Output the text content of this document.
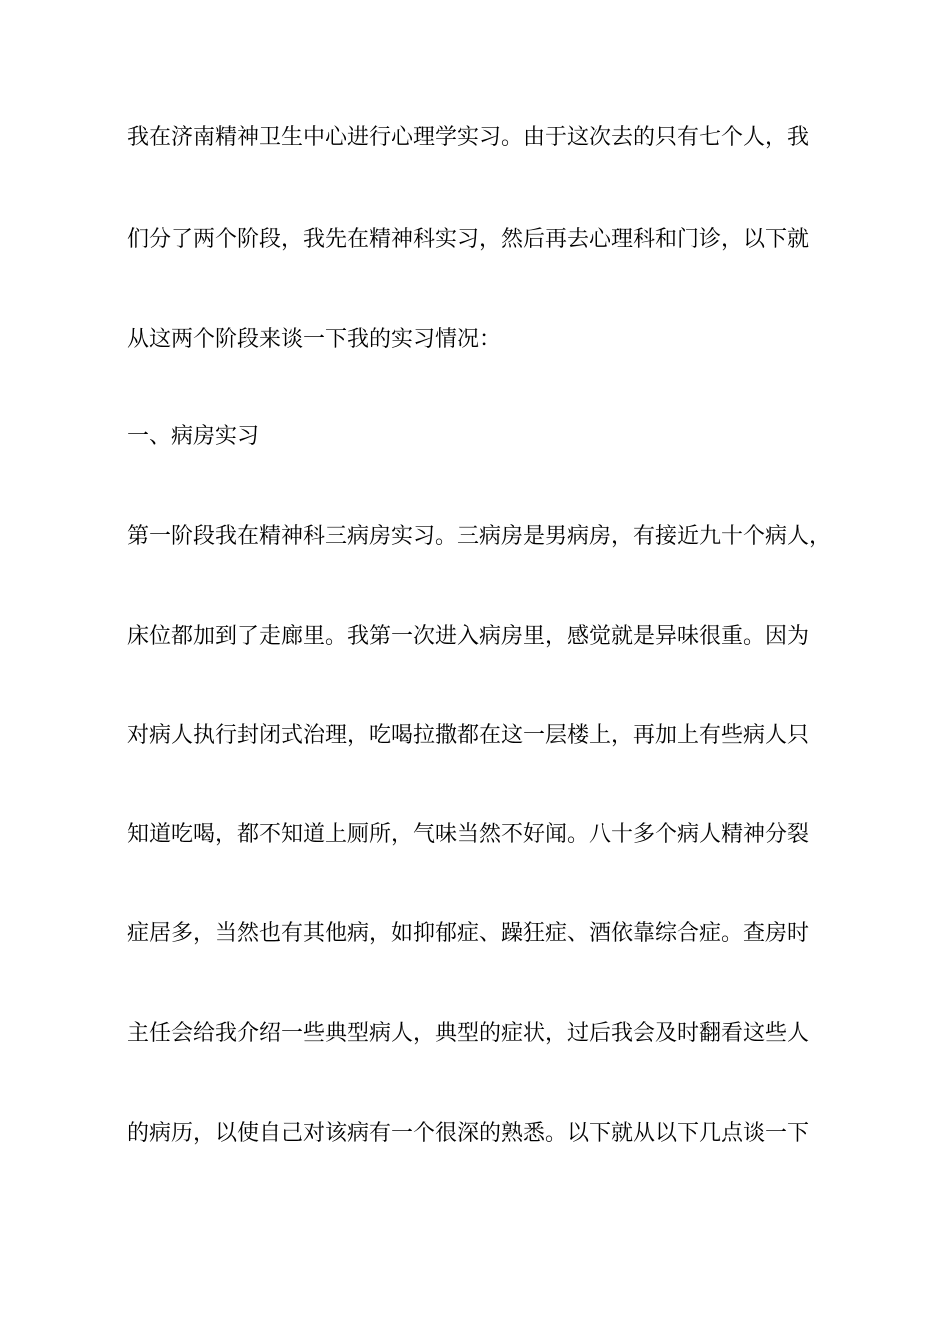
我在济南精神卫生中心进行心理学实习。由于这次去的只有七个人，我
们分了两个阶段，我先在精神科实习，然后再去心理科和门诊，以下就
从这两个阶段来谈一下我的实习情况：
一、病房实习
第一阶段我在精神科三病房实习。三病房是男病房，有接近九十个病人，
床位都加到了走廊里。我第一次进入病房里，感觉就是异味很重。因为
对病人执行封闭式治理，吃喝拉撒都在这一层楼上，再加上有些病人只
知道吃喝，都不知道上厕所，气味当然不好闻。八十多个病人精神分裂
症居多，当然也有其他病，如抑郁症、躁狂症、酒依靠综合症。查房时
主任会给我介绍一些典型病人，典型的症状，过后我会及时翻看这些人
的病历，以使自己对该病有一个很深的熟悉。以下就从以下几点谈一下
